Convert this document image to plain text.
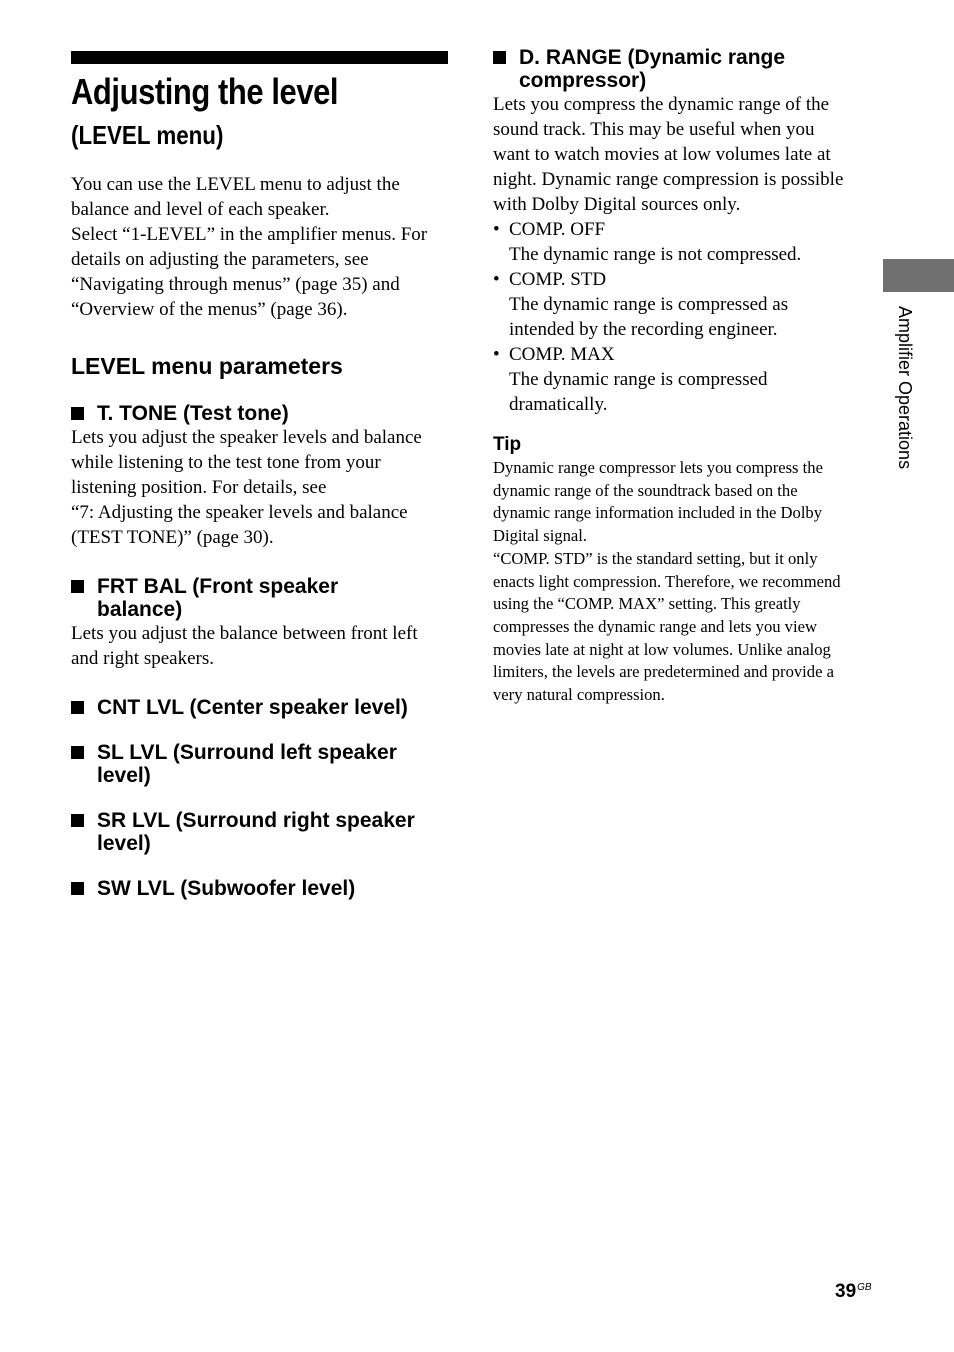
Adjusting the level
(LEVEL menu)
You can use the LEVEL menu to adjust the
balance and level of each speaker.
Select “1-LEVEL” in the amplifier menus. For
details on adjusting the parameters, see
“Navigating through menus” (page 35) and
“Overview of the menus” (page 36).
LEVEL menu parameters
T. TONE (Test tone)
Lets you adjust the speaker levels and balance
while listening to the test tone from your
listening position. For details, see
“7: Adjusting the speaker levels and balance
(TEST TONE)” (page 30).
FRT BAL (Front speaker
balance)
Lets you adjust the balance between front left
and right speakers.
CNT LVL (Center speaker level)
SL LVL (Surround left speaker
level)
SR LVL (Surround right speaker
level)
SW LVL (Subwoofer level)
D. RANGE (Dynamic range
compressor)
Lets you compress the dynamic range of the
sound track. This may be useful when you
want to watch movies at low volumes late at
night. Dynamic range compression is possible
with Dolby Digital sources only.
• COMP. OFF
The dynamic range is not compressed.
• COMP. STD
The dynamic range is compressed as
intended by the recording engineer.
• COMP. MAX
The dynamic range is compressed
dramatically.
Tip
Dynamic range compressor lets you compress the
dynamic range of the soundtrack based on the
dynamic range information included in the Dolby
Digital signal.
“COMP. STD” is the standard setting, but it only
enacts light compression. Therefore, we recommend
using the “COMP. MAX” setting. This greatly
compresses the dynamic range and lets you view
movies late at night at low volumes. Unlike analog
limiters, the levels are predetermined and provide a
very natural compression.
Amplifier Operations
$39^{GB}$
